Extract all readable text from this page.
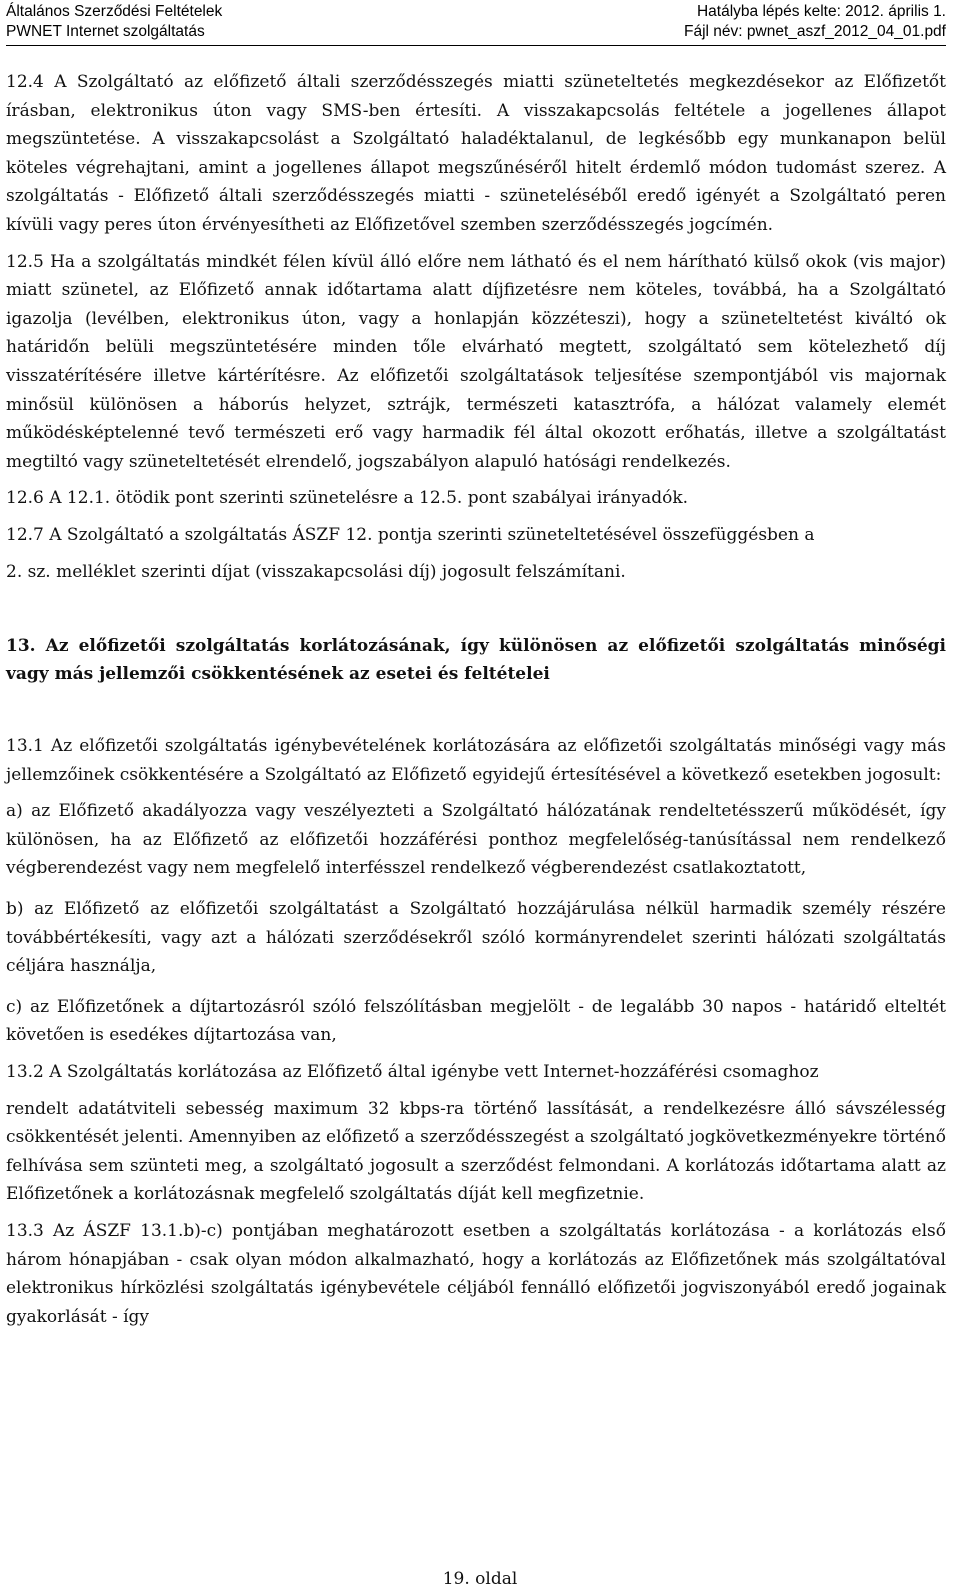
Általános Szerződési Feltételek
PWNET Internet szolgáltatás
Hatályba lépés kelte: 2012. április 1.
Fájl név: pwnet_aszf_2012_04_01.pdf

12.4 A Szolgáltató az előfizető általi szerződésszegés miatti szüneteltetés megkezdésekor az Előfizetőt írásban, elektronikus úton vagy SMS-ben értesíti. A visszakapcsolás feltétele a jogellenes állapot megszüntetése. A visszakapcsolást a Szolgáltató haladéktalanul, de legkésőbb egy munkanapon belül köteles végrehajtani, amint a jogellenes állapot megszűnéséről hitelt érdemlő módon tudomást szerez. A szolgáltatás - Előfizető általi szerződésszegés miatti - szüneteléséből eredő igényét a Szolgáltató peren kívüli vagy peres úton érvényesítheti az Előfizetővel szemben szerződésszegés jogcímén.

12.5 Ha a szolgáltatás mindkét félen kívül álló előre nem látható és el nem hárítható külső okok (vis major) miatt szünetel, az Előfizető annak időtartama alatt díjfizetésre nem köteles, továbbá, ha a Szolgáltató igazolja (levélben, elektronikus úton, vagy a honlapján közzéteszi), hogy a szüneteltetést kiváltó ok határidőn belüli megszüntetésére minden tőle elvárható megtett, szolgáltató sem kötelezhető díj visszatérítésére illetve kártérítésre. Az előfizetői szolgáltatások teljesítése szempontjából vis majornak minősül különösen a háborús helyzet, sztrájk, természeti katasztrófa, a hálózat valamely elemét működésképtelenné tevő természeti erő vagy harmadik fél által okozott erőhatás, illetve a szolgáltatást megtiltó vagy szüneteltetését elrendelő, jogszabályon alapuló hatósági rendelkezés.

12.6 A 12.1. ötödik pont szerinti szünetelésre a 12.5. pont szabályai irányadók.

12.7 A Szolgáltató a szolgáltatás ÁSZF 12. pontja szerinti szüneteltetésével összefüggésben a

2. sz. melléklet szerinti díjat (visszakapcsolási díj) jogosult felszámítani.

13. Az előfizetői szolgáltatás korlátozásának, így különösen az előfizetői szolgáltatás minőségi vagy más jellemzői csökkentésének az esetei és feltételei

13.1 Az előfizetői szolgáltatás igénybevételének korlátozására az előfizetői szolgáltatás minőségi vagy más jellemzőinek csökkentésére a Szolgáltató az Előfizető egyidejű értesítésével a következő esetekben jogosult:

a) az Előfizető akadályozza vagy veszélyezteti a Szolgáltató hálózatának rendeltetésszerű működését, így különösen, ha az Előfizető az előfizetői hozzáférési ponthoz megfelelőség-tanúsítással nem rendelkező végberendezést vagy nem megfelelő interfésszel rendelkező végberendezést csatlakoztatott,

b) az Előfizető az előfizetői szolgáltatást a Szolgáltató hozzájárulása nélkül harmadik személy részére továbbértékesíti, vagy azt a hálózati szerződésekről szóló kormányrendelet szerinti hálózati szolgáltatás céljára használja,

c) az Előfizetőnek a díjtartozásról szóló felszólításban megjelölt - de legalább 30 napos - határidő elteltét követően is esedékes díjtartozása van,

13.2 A Szolgáltatás korlátozása az Előfizető által igénybe vett Internet-hozzáférési csomaghoz

rendelt adatátviteli sebesség maximum 32 kbps-ra történő lassítását, a rendelkezésre álló sávszélesség csökkentését jelenti. Amennyiben az előfizető a szerződésszegést a szolgáltató jogkövetkezményekre történő felhívása sem szünteti meg, a szolgáltató jogosult a szerződést felmondani. A korlátozás időtartama alatt az Előfizetőnek a korlátozásnak megfelelő szolgáltatás díját kell megfizetnie.

13.3 Az ÁSZF 13.1.b)-c) pontjában meghatározott esetben a szolgáltatás korlátozása - a korlátozás első három hónapjában - csak olyan módon alkalmazható, hogy a korlátozás az Előfizetőnek más szolgáltatóval elektronikus hírközlési szolgáltatás igénybevétele céljából fennálló előfizetői jogviszonyából eredő jogainak gyakorlását - így

19. oldal
